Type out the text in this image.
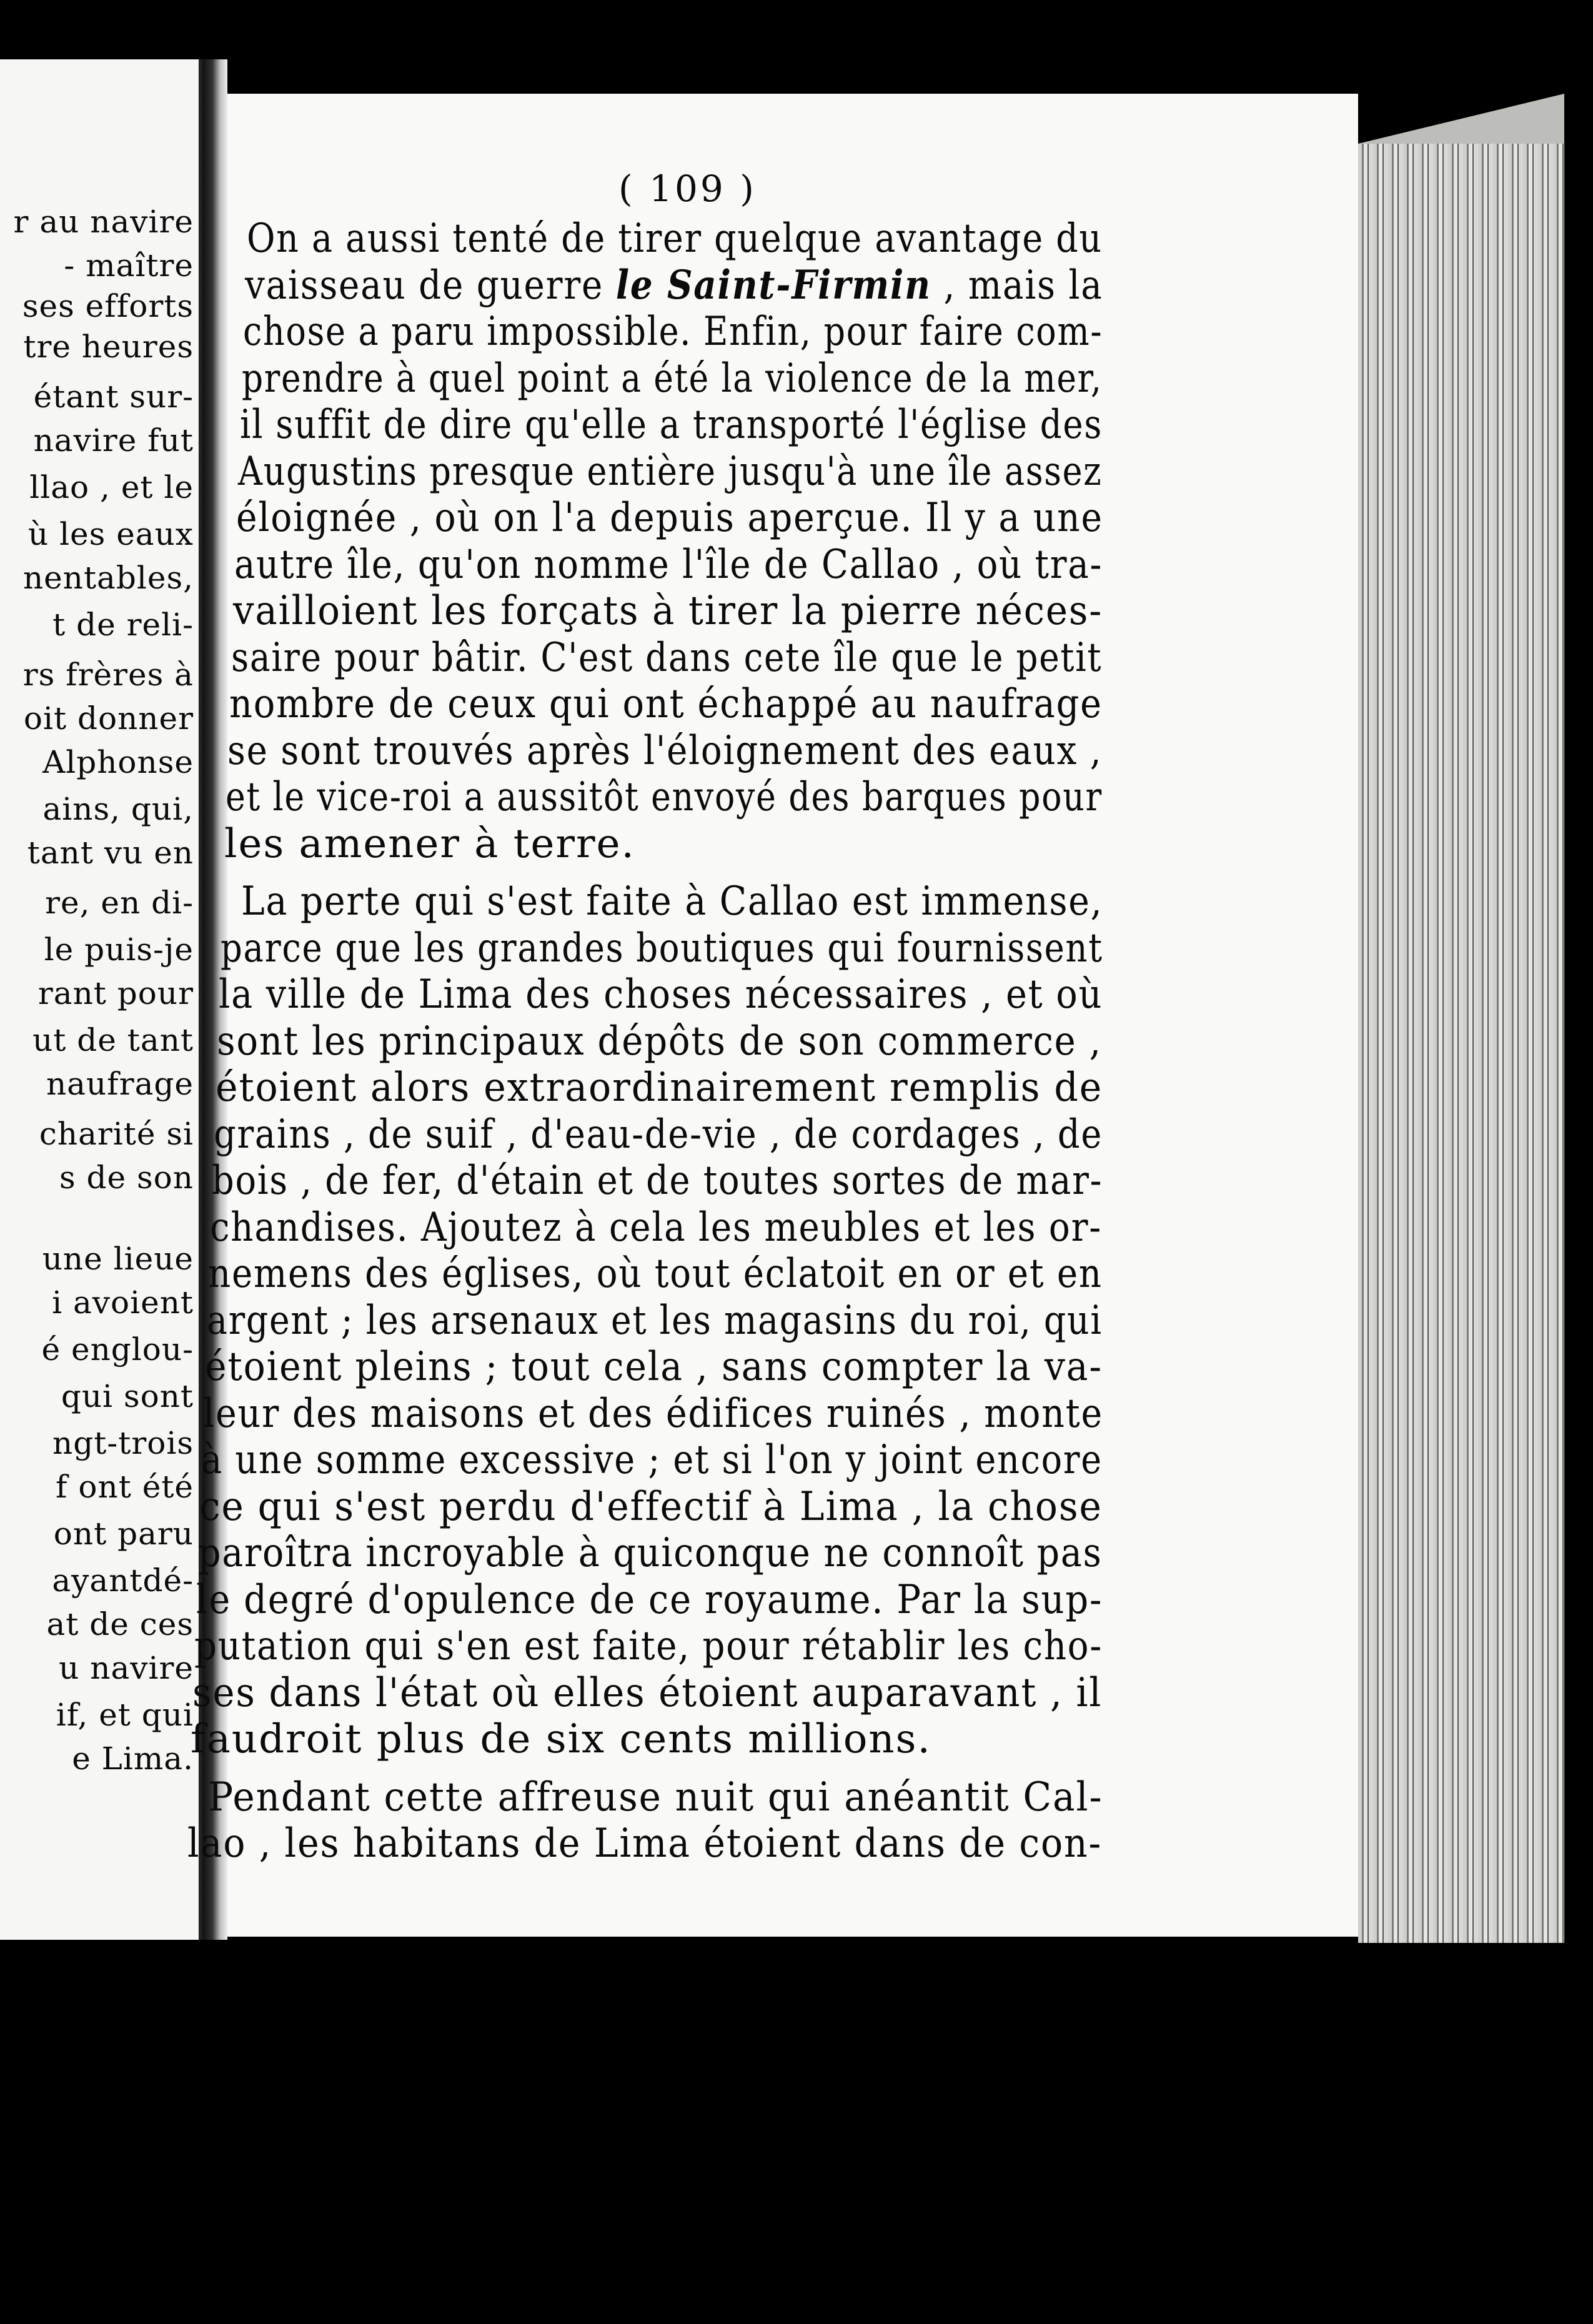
r au navire
- maître
ses efforts
tre heures
étant sur-
navire fut
llao , et le
ù les eaux
nentables,
t de reli-
rs frères à
oit donner
Alphonse
ains, qui,
tant vu en
re, en di-
le puis-je
rant pour
ut de tant
naufrage
charité si
s de son
une lieue
i avoient
é englou-
qui sont
ngt-trois
f ont été
ont paru
ayantdé-
at de ces
u navire
if, et qui
e Lima.
( 109 )
On a aussi tenté de tirer quelque avantage du
vaisseau de guerre le Saint-Firmin , mais la
chose a paru impossible. Enfin, pour faire com-
prendre à quel point a été la violence de la mer,
il suffit de dire qu'elle a transporté l'église des
Augustins presque entière jusqu'à une île assez
éloignée , où on l'a depuis aperçue. Il y a une
autre île, qu'on nomme l'île de Callao , où tra-
vailloient les forçats à tirer la pierre néces-
saire pour bâtir. C'est dans cete île que le petit
nombre de ceux qui ont échappé au naufrage
se sont trouvés après l'éloignement des eaux ,
et le vice-roi a aussitôt envoyé des barques pour
les amener à terre.
La perte qui s'est faite à Callao est immense,
parce que les grandes boutiques qui fournissent
la ville de Lima des choses nécessaires , et où
sont les principaux dépôts de son commerce ,
étoient alors extraordinairement remplis de
grains , de suif , d'eau-de-vie , de cordages , de
bois , de fer, d'étain et de toutes sortes de mar-
chandises. Ajoutez à cela les meubles et les or-
nemens des églises, où tout éclatoit en or et en
argent ; les arsenaux et les magasins du roi, qui
étoient pleins ; tout cela , sans compter la va-
leur des maisons et des édifices ruinés , monte
à une somme excessive ; et si l'on y joint encore
ce qui s'est perdu d'effectif à Lima , la chose
paroîtra incroyable à quiconque ne connoît pas
le degré d'opulence de ce royaume. Par la sup-
putation qui s'en est faite, pour rétablir les cho-
ses dans l'état où elles étoient auparavant , il
faudroit plus de six cents millions.
Pendant cette affreuse nuit qui anéantit Cal-
lao , les habitans de Lima étoient dans de con-
